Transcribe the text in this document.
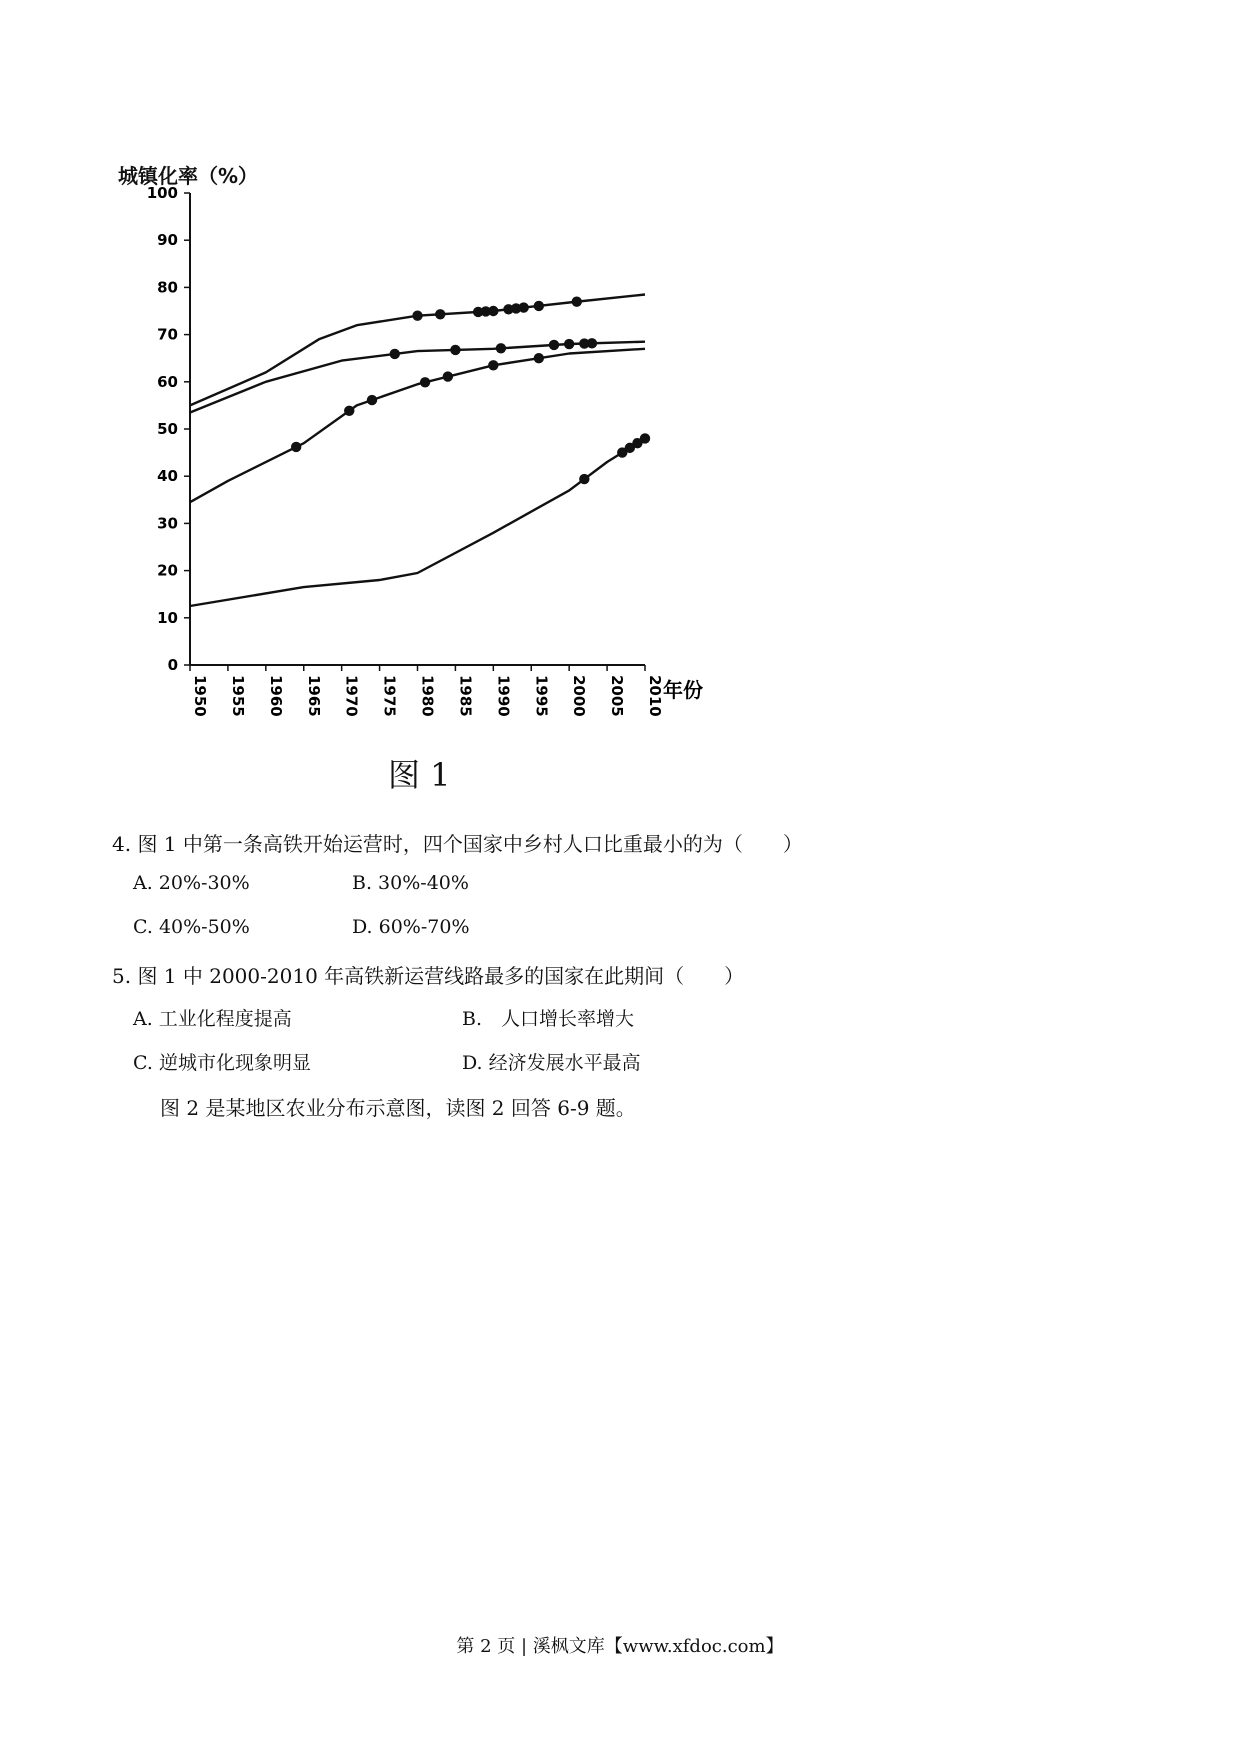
城镇化率（%）
0
10
20
30
40
50
60
70
80
90
100
1950 1955 1960 1965 1970 1975 1980 1985 1990 1995 2000 2005 2010 年份
图 1
4. 图 1 中第一条高铁开始运营时，四个国家中乡村人口比重最小的为（　　）
A. 20%-30%	B. 30%-40%
C. 40%-50%	D. 60%-70%
5. 图 1 中 2000-2010 年高铁新运营线路最多的国家在此期间（　　）
A. 工业化程度提高	B.　人口增长率增大
C. 逆城市化现象明显	D. 经济发展水平最高
图 2 是某地区农业分布示意图，读图 2 回答 6-9 题。
第 2 页 | 溪枫文库【www.xfdoc.com】
